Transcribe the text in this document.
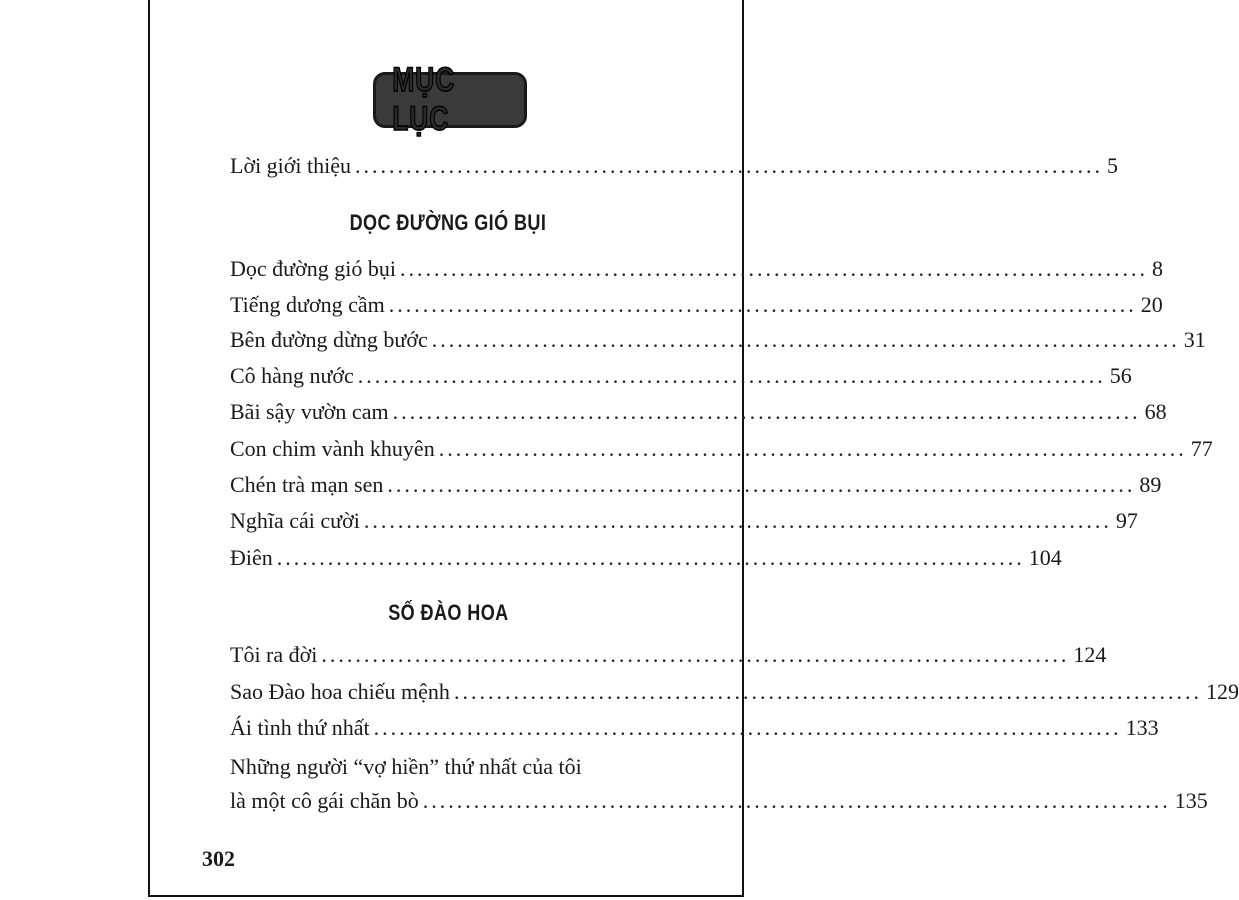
MỤC LỤC
Lời giới thiệu ........................................................................................ 5
DỌC ĐƯỜNG GIÓ BỤI
Dọc đường gió bụi ........................................................................................ 8
Tiếng dương cầm ........................................................................................ 20
Bên đường dừng bước ........................................................................................ 31
Cô hàng nước ........................................................................................ 56
Bãi sậy vườn cam ........................................................................................ 68
Con chim vành khuyên ........................................................................................ 77
Chén trà mạn sen ........................................................................................ 89
Nghĩa cái cười ........................................................................................ 97
Điên ........................................................................................ 104
SỐ ĐÀO HOA
Tôi ra đời ........................................................................................ 124
Sao Đào hoa chiếu mệnh ........................................................................................ 129
Ái tình thứ nhất ........................................................................................ 133
Những người “vợ hiền” thứ nhất của tôi
là một cô gái chăn bò ........................................................................................ 135
302
